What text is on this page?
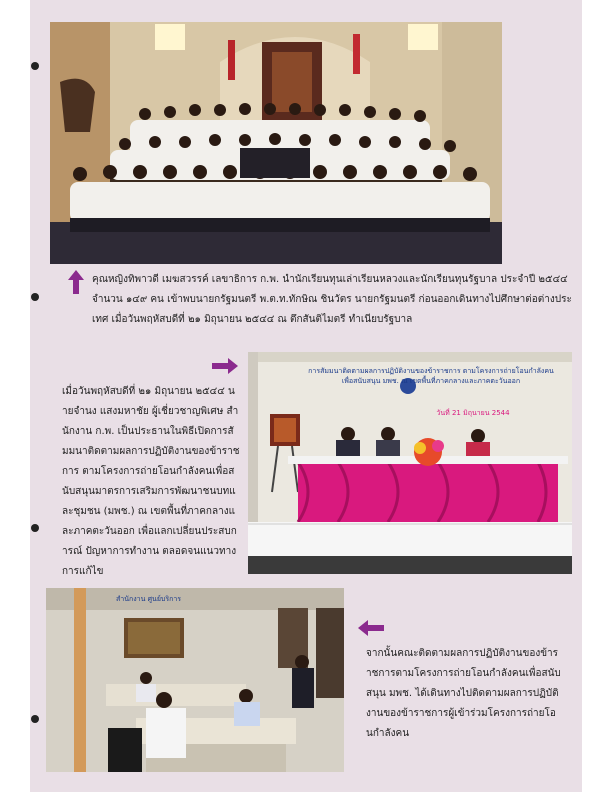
คุณหญิงทิพาวดี เมฆสวรรค์ เลขาธิการ ก.พ. นำนักเรียนทุนเล่าเรียนหลวงและนักเรียนทุนรัฐบาล ประจำปี ๒๕๔๔ จำนวน ๑๔๙ คน เข้าพบนายกรัฐมนตรี พ.ต.ท.ทักษิณ ชินวัตร นายกรัฐมนตรี ก่อนออกเดินทางไปศึกษาต่อต่างประเทศ เมื่อวันพฤหัสบดีที่ ๒๑ มิถุนายน ๒๕๔๔ ณ ตึกสันติไมตรี ทำเนียบรัฐบาล
เมื่อวันพฤหัสบดีที่ ๒๑ มิถุนายน ๒๕๔๔ นายจำนง แสงมหาชัย ผู้เชี่ยวชาญพิเศษ สำนักงาน ก.พ. เป็นประธานในพิธีเปิดการสัมมนาติดตามผลการปฏิบัติงานของข้าราชการ ตามโครงการถ่ายโอนกำลังคนเพื่อสนับสนุนมาตรการเสริมการพัฒนาชนบทและชุมชน (มพช.) ณ เขตพื้นที่ภาคกลางและภาคตะวันออก เพื่อแลกเปลี่ยนประสบการณ์ ปัญหาการทำงาน ตลอดจนแนวทางการแก้ไข
การสัมมนาติดตามผลการปฏิบัติงานของข้าราชการ ตามโครงการถ่ายโอนกำลังคนเพื่อสนับสนุน มพช. ณ เขตพื้นที่ภาคกลางและภาคตะวันออก
วันที่ 21 มิถุนายน 2544
สำนักงาน ศูนย์บริการ
จากนั้นคณะติดตามผลการปฏิบัติงานของข้าราชการตามโครงการถ่ายโอนกำลังคนเพื่อสนับสนุน มพช. ได้เดินทางไปติดตามผลการปฏิบัติงานของข้าราชการผู้เข้าร่วมโครงการถ่ายโอนกำลังคน
